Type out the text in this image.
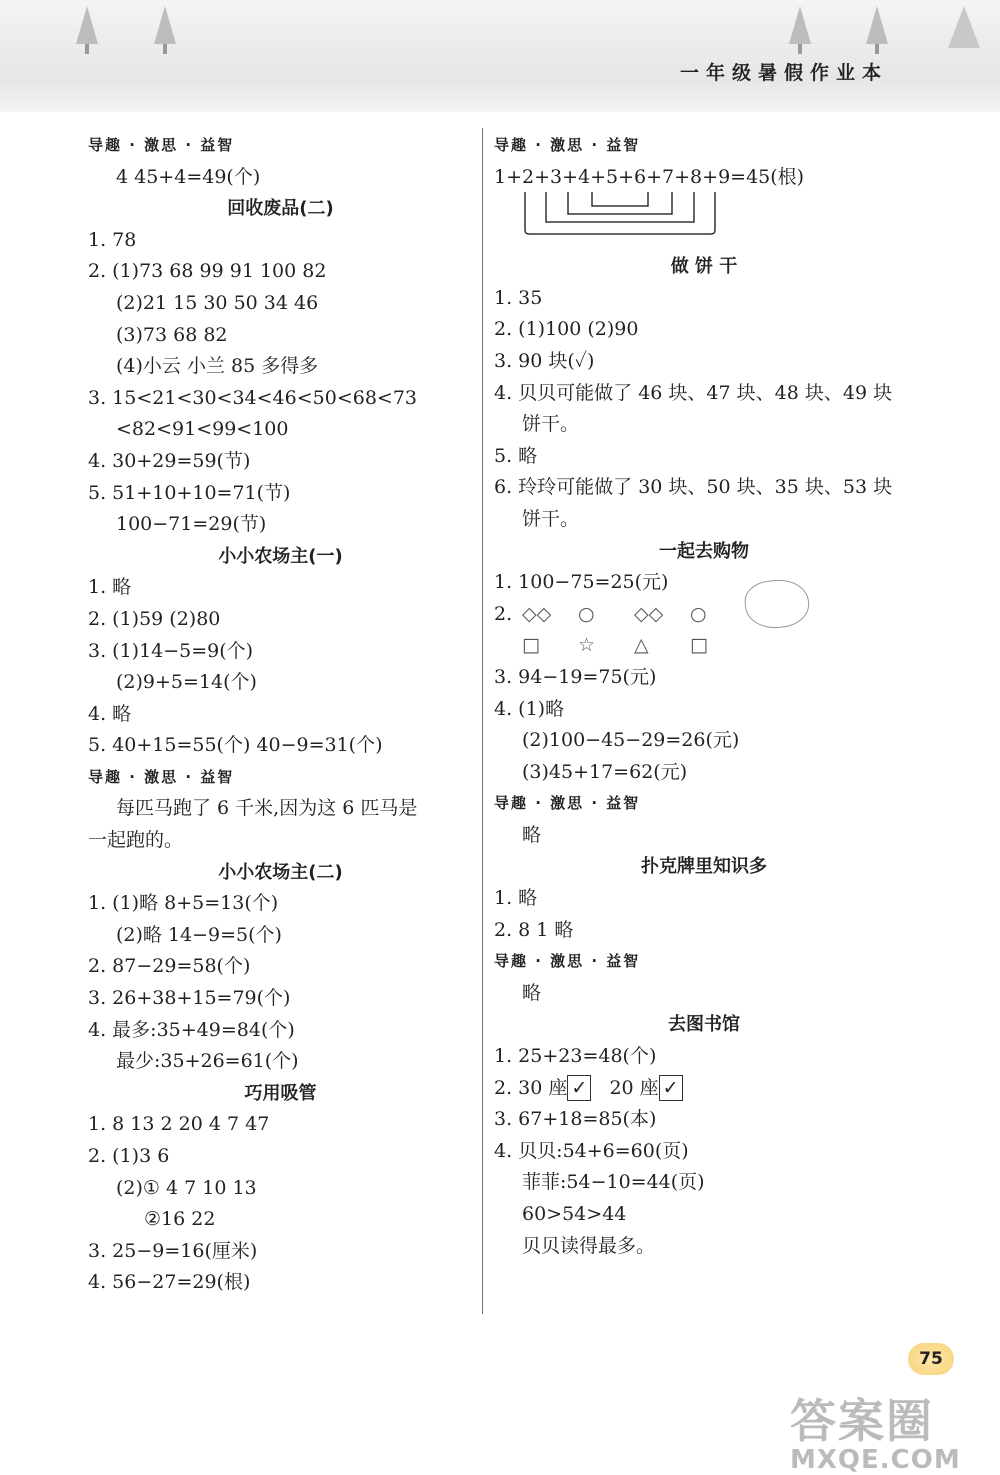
一年级暑假作业本
导趣 · 激思 · 益智
4 45+4=49(个)
回收废品(二)
1. 78
2. (1)73 68 99 91 100 82
(2)21 15 30 50 34 46
(3)73 68 82
(4)小云 小兰 85 多得多
3. 15<21<30<34<46<50<68<73
<82<91<99<100
4. 30+29=59(节)
5. 51+10+10=71(节)
100−71=29(节)
小小农场主(一)
1. 略
2. (1)59 (2)80
3. (1)14−5=9(个)
(2)9+5=14(个)
4. 略
5. 40+15=55(个) 40−9=31(个)
导趣 · 激思 · 益智
每匹马跑了 6 千米,因为这 6 匹马是
一起跑的。
小小农场主(二)
1. (1)略 8+5=13(个)
(2)略 14−9=5(个)
2. 87−29=58(个)
3. 26+38+15=79(个)
4. 最多:35+49=84(个)
最少:35+26=61(个)
巧用吸管
1. 8 13 2 20 4 7 47
2. (1)3 6
(2)① 4 7 10 13
②16 22
3. 25−9=16(厘米)
4. 56−27=29(根)
导趣 · 激思 · 益智
1+2+3+4+5+6+7+8+9=45(根)
做 饼 干
1. 35
2. (1)100 (2)90
3. 90 块(✓)
4. 贝贝可能做了 46 块、47 块、48 块、49 块
饼干。
5. 略
6. 玲玲可能做了 30 块、50 块、35 块、53 块
饼干。
一起去购物
1. 100−75=25(元)
2. ◇◇ ○ ◇◇ ○
□ ☆ △ □
3. 94−19=75(元)
4. (1)略
(2)100−45−29=26(元)
(3)45+17=62(元)
导趣 · 激思 · 益智
略
扑克牌里知识多
1. 略
2. 8 1 略
导趣 · 激思 · 益智
略
去图书馆
1. 25+23=48(个)
2. 30 座 ✓ 20 座 ✓
3. 67+18=85(本)
4. 贝贝:54+6=60(页)
菲菲:54−10=44(页)
60>54>44
贝贝读得最多。
75
答案圈
MXQE.COM
